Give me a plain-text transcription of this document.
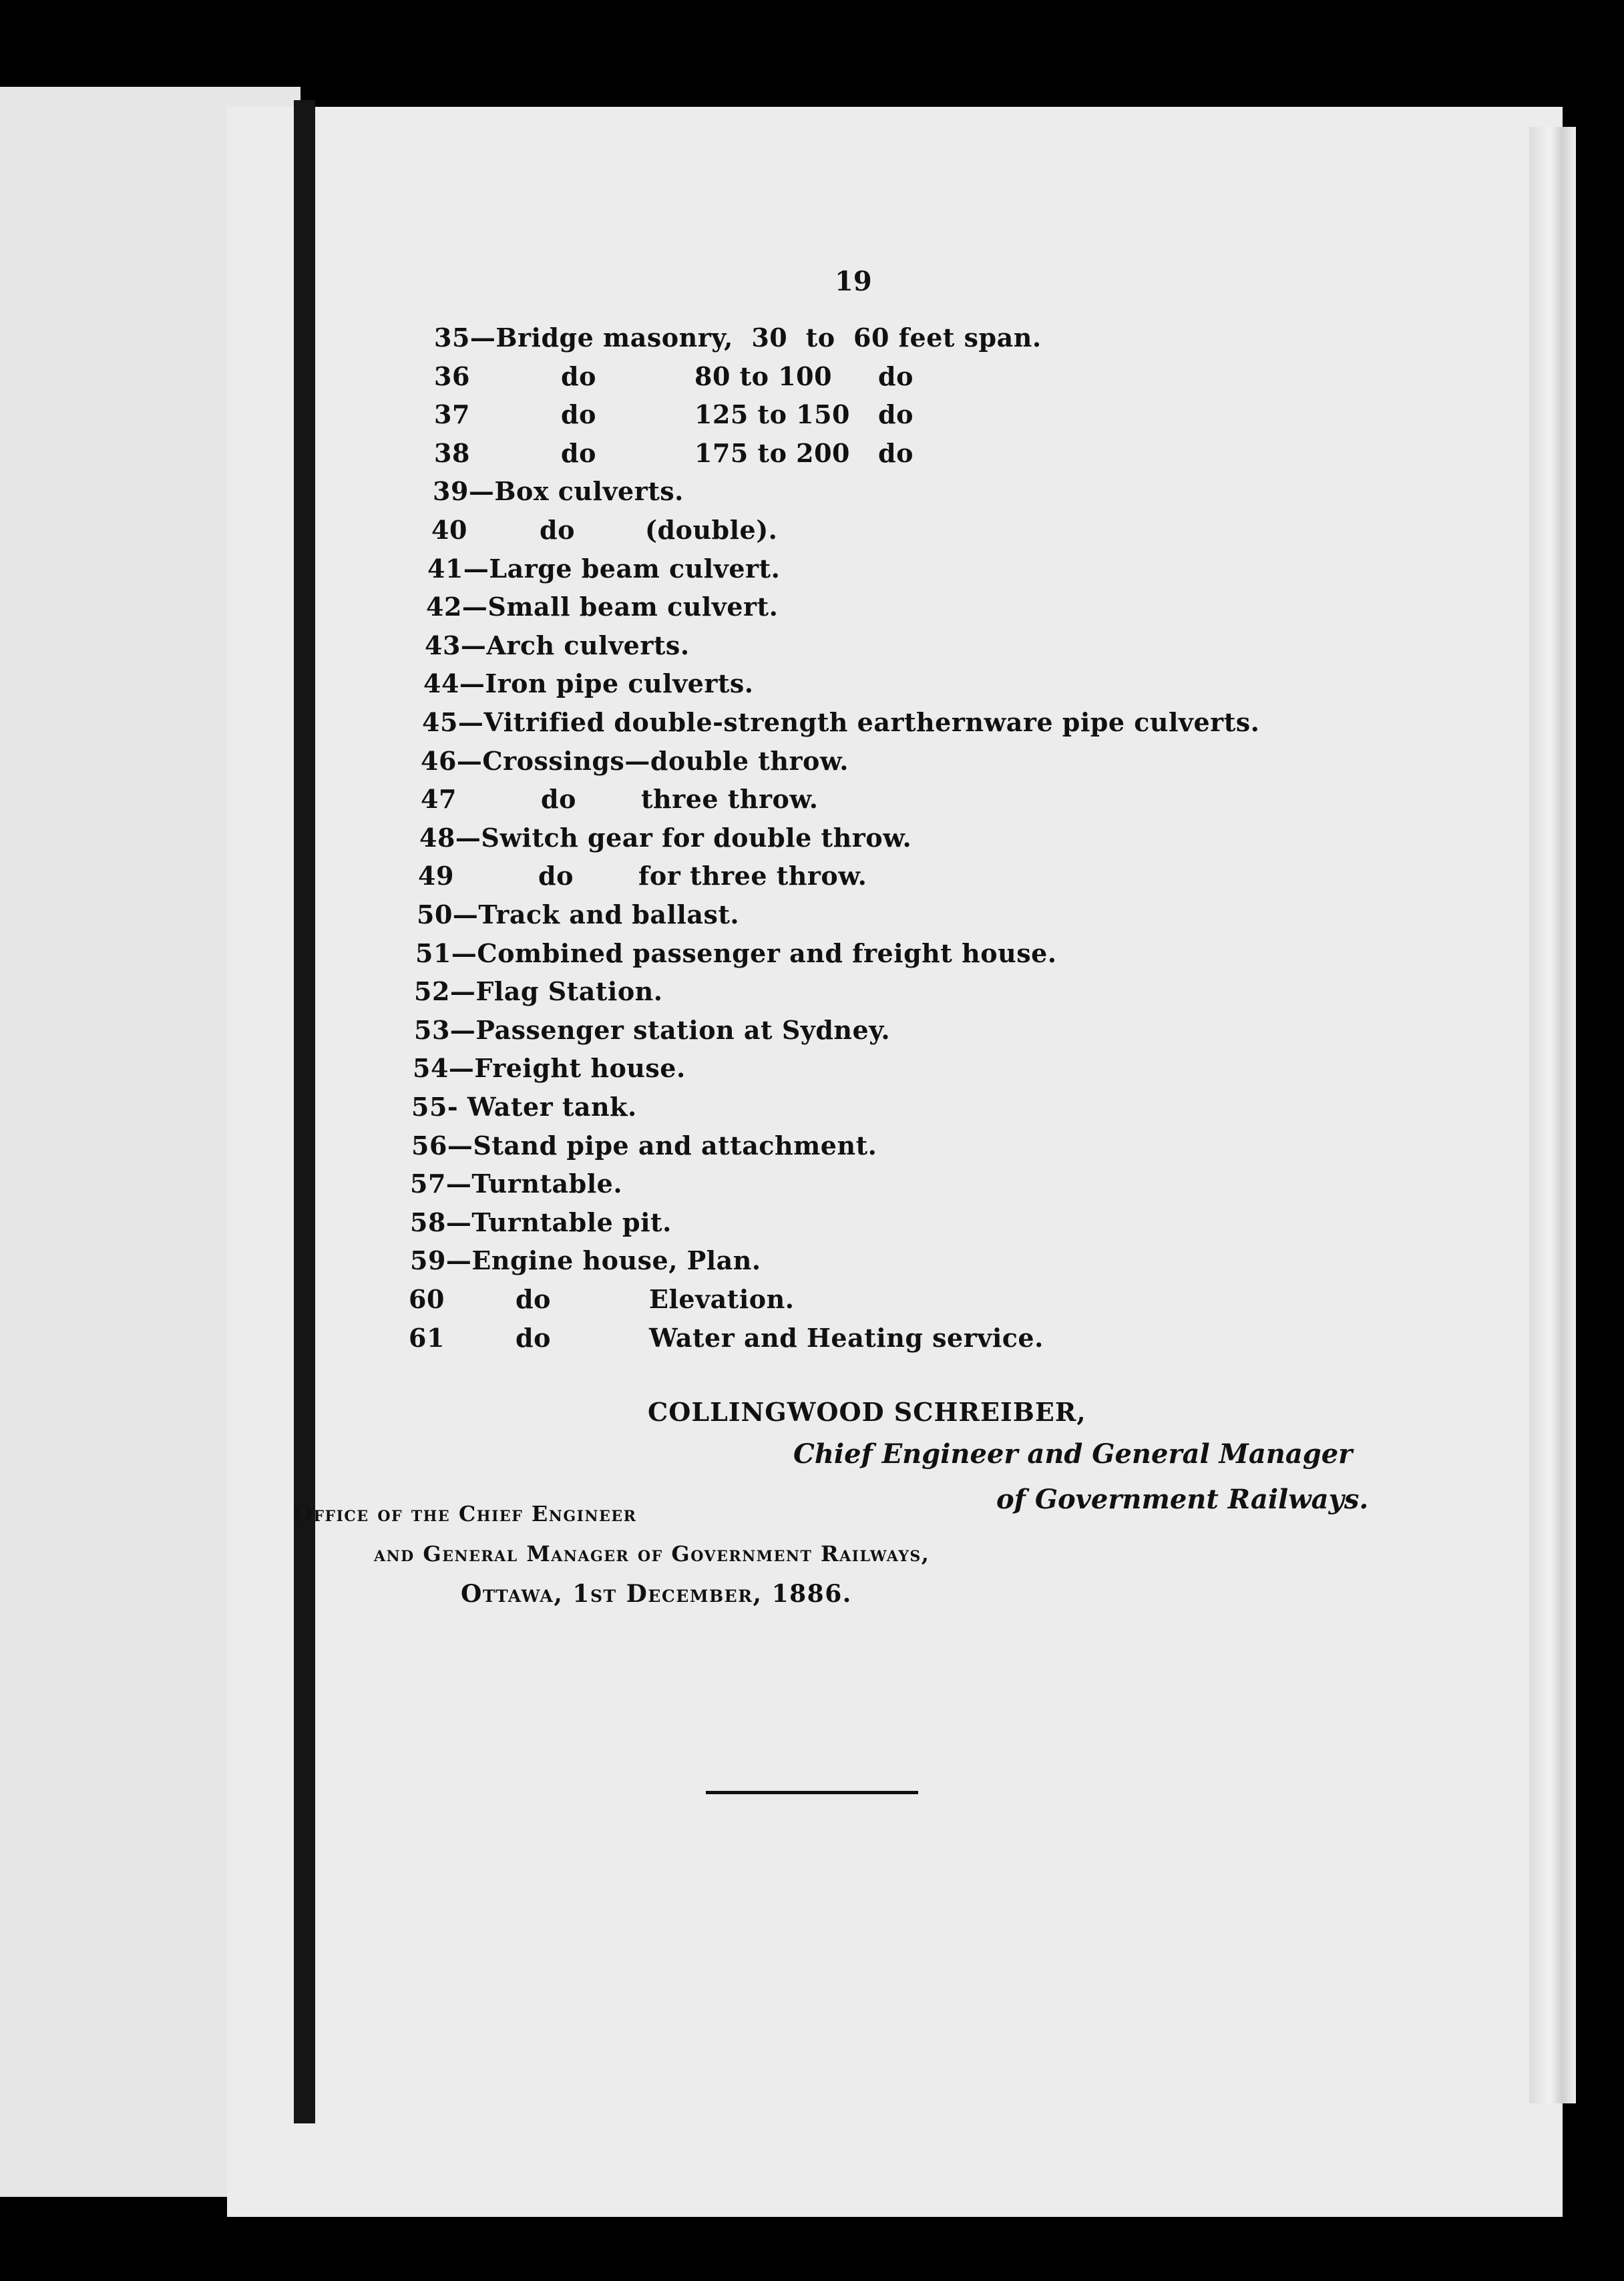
19
35—Bridge masonry,  30  to  60 feet span.
36	do	80 to 100 do
37	do	125 to 150 do
38	do	175 to 200 do
39—Box culverts.
40	do	(double).
41—Large beam culvert.
42—Small beam culvert.
43—Arch culverts.
44—Iron pipe culverts.
45—Vitrified double-strength earthernware pipe culverts.
46—Crossings—double throw.
47	do	three throw.
48—Switch gear for double throw.
49	do	for three throw.
50—Track and ballast.
51—Combined passenger and freight house.
52—Flag Station.
53—Passenger station at Sydney.
54—Freight house.
55- Water tank.
56—Stand pipe and attachment.
57—Turntable.
58—Turntable pit.
59—Engine house, Plan.
60	do	Elevation.
61	do	Water and Heating service.
COLLINGWOOD SCHREIBER,
Chief Engineer and General Manager
of Government Railways.
Office of the Chief Engineer
and General Manager of Government Railways,
Ottawa, 1st December, 1886.
